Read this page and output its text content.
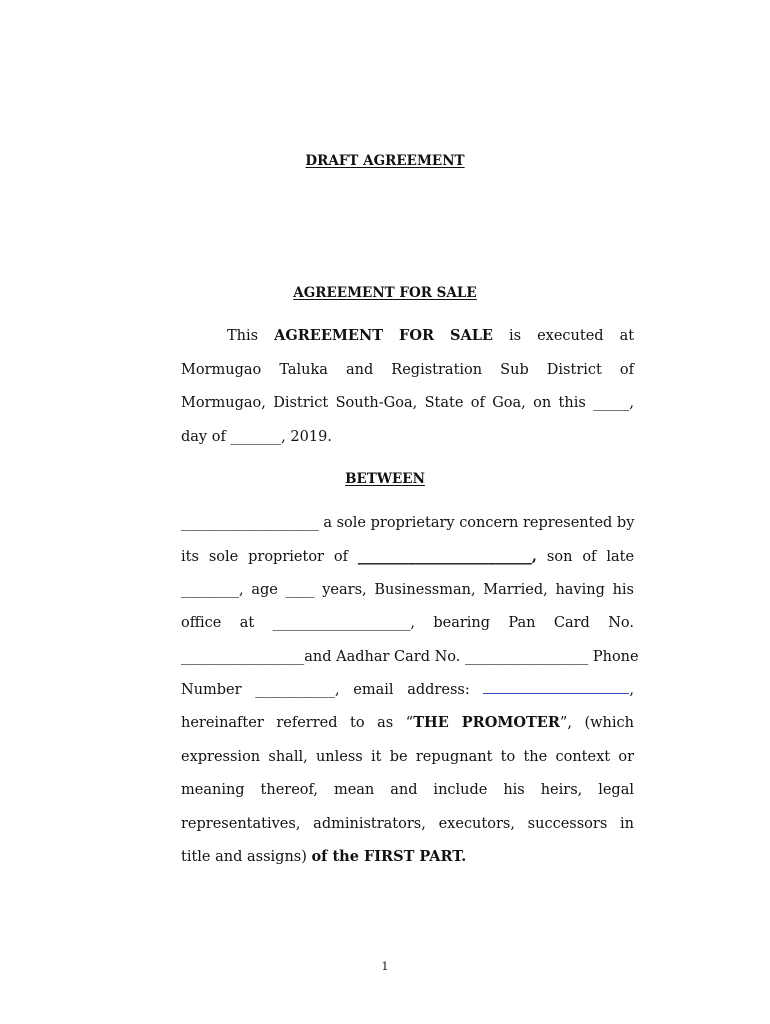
DRAFT AGREEMENT
AGREEMENT FOR SALE
This AGREEMENT FOR SALE is executed at
Mormugao Taluka and Registration Sub District of
Mormugao, District South-Goa, State of Goa, on this _____,
day of _______, 2019.
BETWEEN
___________________ a sole proprietary concern represented by
its sole proprietor of ________________________, son of late
________, age ____ years, Businessman, Married, having his
office at ___________________, bearing Pan Card No.
_________________and Aadhar Card No. _________________ Phone
Number ___________, email address:	,
hereinafter referred to as “THE PROMOTER”, (which
expression shall, unless it be repugnant to the context or
meaning thereof, mean and include his heirs, legal
representatives, administrators, executors, successors in
title and assigns) of the FIRST PART.
1
